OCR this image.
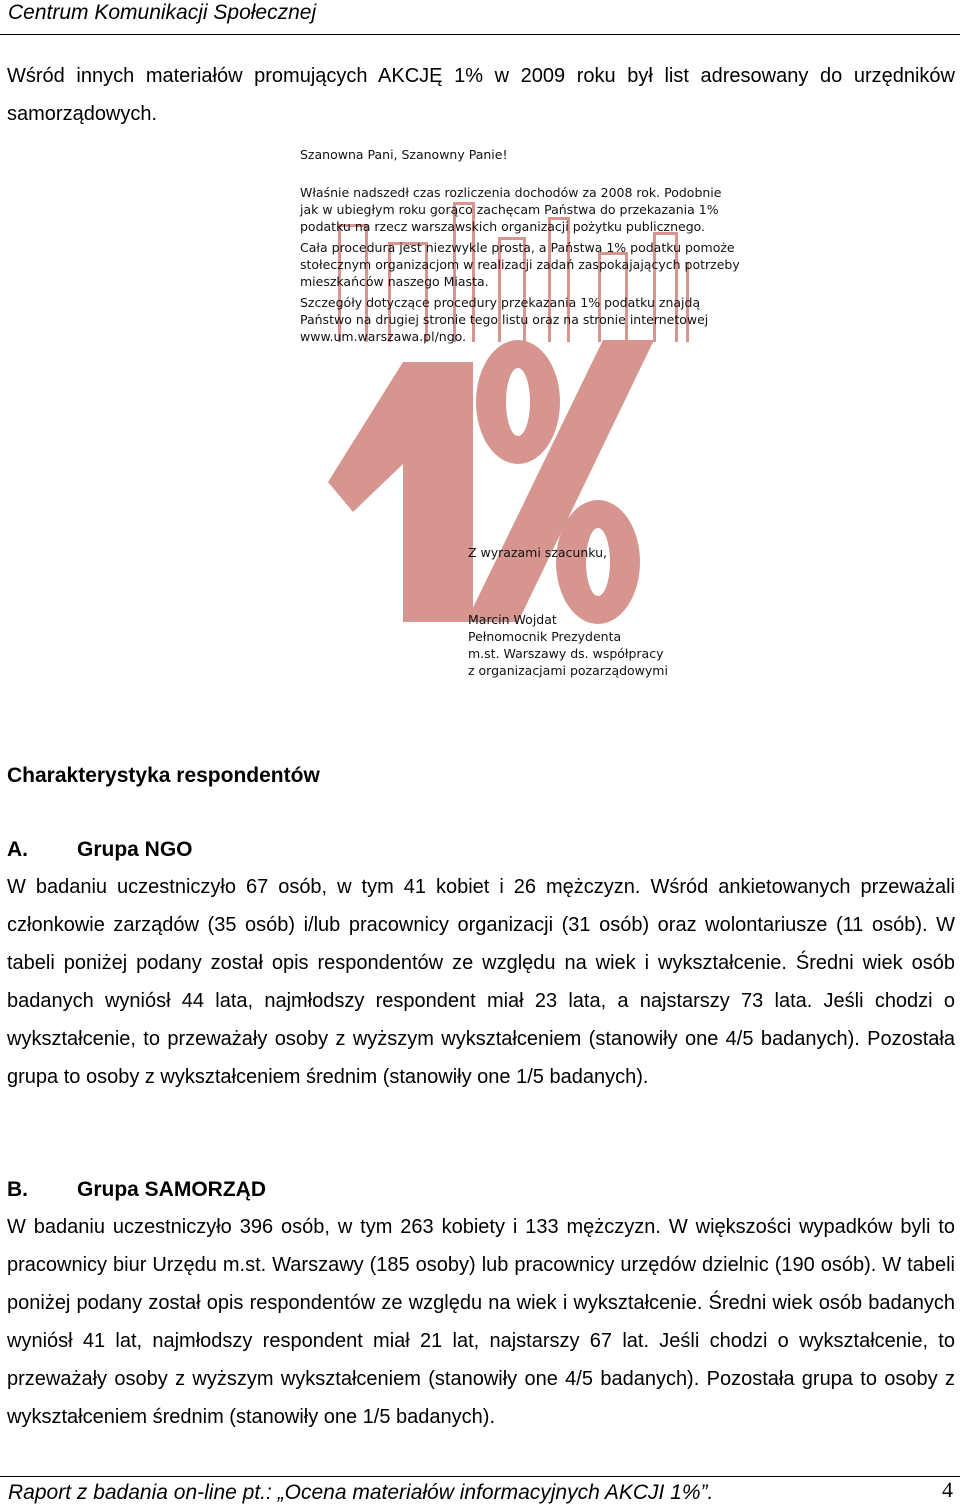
Centrum Komunikacji Społecznej
Wśród innych materiałów promujących AKCJĘ 1% w 2009 roku był list adresowany do urzędników samorządowych.
Szanowna Pani, Szanowny Panie!
Właśnie nadszedł czas rozliczenia dochodów za 2008 rok. Podobnie
jak w ubiegłym roku gorąco zachęcam Państwa do przekazania 1%
podatku na rzecz warszawskich organizacji pożytku publicznego.
Cała procedura jest niezwykle prosta, a Państwa 1% podatku pomoże
stołecznym organizacjom w realizacji zadań zaspokajających potrzeby
mieszkańców naszego Miasta.
Szczegóły dotyczące procedury przekazania 1% podatku znajdą
Państwo na drugiej stronie tego listu oraz na stronie internetowej
www.um.warszawa.pl/ngo.
Z wyrazami szacunku,
Marcin Wojdat
Pełnomocnik Prezydenta
m.st. Warszawy ds. współpracy
z organizacjami pozarządowymi
Charakterystyka respondentów
A. Grupa NGO
W badaniu uczestniczyło 67 osób, w tym 41 kobiet i 26 mężczyzn. Wśród ankietowanych przeważali członkowie zarządów (35 osób) i/lub pracownicy organizacji (31 osób) oraz wolontariusze (11 osób). W tabeli poniżej podany został opis respondentów ze względu na wiek i wykształcenie. Średni wiek osób badanych wyniósł 44 lata, najmłodszy respondent miał 23 lata, a najstarszy 73 lata. Jeśli chodzi o wykształcenie, to przeważały osoby z wyższym wykształceniem (stanowiły one 4/5 badanych). Pozostała grupa to osoby z wykształceniem średnim (stanowiły one 1/5 badanych).
B. Grupa SAMORZĄD
W badaniu uczestniczyło 396 osób, w tym 263 kobiety i 133 mężczyzn. W większości wypadków byli to pracownicy biur Urzędu m.st. Warszawy (185 osoby) lub pracownicy urzędów dzielnic (190 osób). W tabeli poniżej podany został opis respondentów ze względu na wiek i wykształcenie. Średni wiek osób badanych wyniósł 41 lat, najmłodszy respondent miał 21 lat, najstarszy 67 lat. Jeśli chodzi o wykształcenie, to przeważały osoby z wyższym wykształceniem (stanowiły one 4/5 badanych). Pozostała grupa to osoby z wykształceniem średnim (stanowiły one 1/5 badanych).
Raport z badania on-line pt.: „Ocena materiałów informacyjnych AKCJI 1%”.	4
